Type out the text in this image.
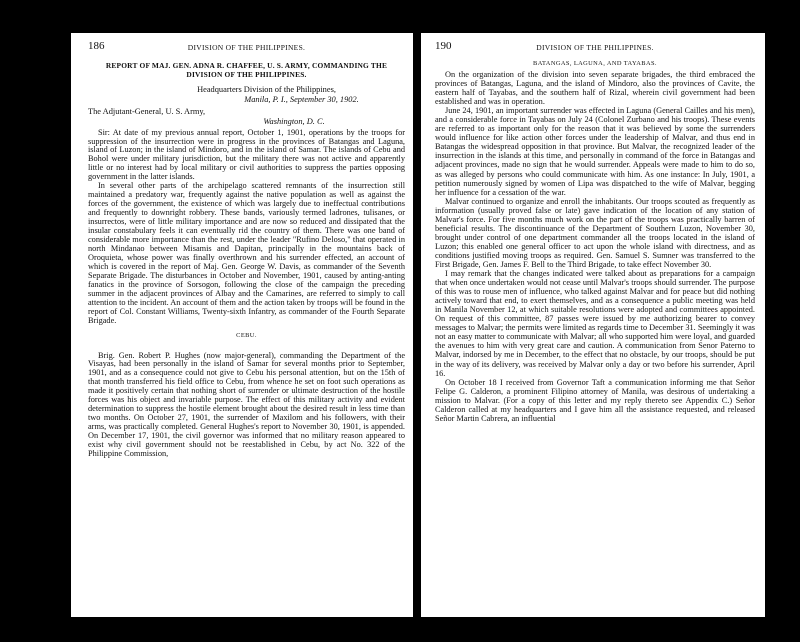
186	DIVISION OF THE PHILIPPINES.
REPORT OF MAJ. GEN. ADNA R. CHAFFEE, U. S. ARMY, COMMANDING THE DIVISION OF THE PHILIPPINES.
Headquarters Division of the Philippines,
Manila, P. I., September 30, 1902.
The Adjutant-General, U. S. Army,
Washington, D. C.

Sir: At date of my previous annual report, October 1, 1901, operations by the troops for suppression of the insurrection were in progress in the provinces of Batangas and Laguna, island of Luzon; in the island of Mindoro, and in the island of Samar. The islands of Cebu and Bohol were under military jurisdiction, but the military there was not active and apparently little or no interest had by local military or civil authorities to suppress the parties opposing government in the latter islands.

In several other parts of the archipelago scattered remnants of the insurrection still maintained a predatory war, frequently against the native population as well as against the forces of the government, the existence of which was largely due to ineffectual contributions and frequently to downright robbery. These bands, variously termed ladrones, tulisanes, or insurrectos, were of little military importance and are now so reduced and dissipated that the insular constabulary feels it can eventually rid the country of them. There was one band of considerable more importance than the rest, under the leader "Rufino Deloso," that operated in north Mindanao between Misamis and Dapitan, principally in the mountains back of Oroquieta, whose power was finally overthrown and his surrender effected, an account of which is covered in the report of Maj. Gen. George W. Davis, as commander of the Seventh Separate Brigade. The disturbances in October and November, 1901, caused by anting-anting fanatics in the province of Sorsogon, following the close of the campaign the preceding summer in the adjacent provinces of Albay and the Camarines, are referred to simply to call attention to the incident. An account of them and the action taken by troops will be found in the report of Col. Constant Williams, Twenty-sixth Infantry, as commander of the Fourth Separate Brigade.

CEBU.

Brig. Gen. Robert P. Hughes (now major-general), commanding the Department of the Visayas, had been personally in the island of Samar for several months prior to September, 1901, and as a consequence could not give to Cebu his personal attention, but on the 15th of that month transferred his field office to Cebu, from whence he set on foot such operations as made it positively certain that nothing short of surrender or ultimate destruction of the hostile forces was his object and invariable purpose. The effect of this military activity and evident determination to suppress the hostile element brought about the desired result in less time than two months. On October 27, 1901, the surrender of Maxilom and his followers, with their arms, was practically completed. General Hughes's report to November 30, 1901, is appended. On December 17, 1901, the civil governor was informed that no military reason appeared to exist why civil government should not be reestablished in Cebu, by act No. 322 of the Philippine Commission,

190	DIVISION OF THE PHILIPPINES.
BATANGAS, LAGUNA, AND TAYABAS.

On the organization of the division into seven separate brigades, the third embraced the provinces of Batangas, Laguna, and the island of Mindoro, also the provinces of Cavite, the eastern half of Tayabas, and the southern half of Rizal, wherein civil government had been established and was in operation.

June 24, 1901, an important surrender was effected in Laguna (General Cailles and his men), and a considerable force in Tayabas on July 24 (Colonel Zurbano and his troops). These events are referred to as important only for the reason that it was believed by some the surrenders would influence for like action other forces under the leadership of Malvar, and thus end in Batangas the widespread opposition in that province. But Malvar, the recognized leader of the insurrection in the islands at this time, and personally in command of the force in Batangas and adjacent provinces, made no sign that he would surrender. Appeals were made to him to do so, as was alleged by persons who could communicate with him. As one instance: In July, 1901, a petition numerously signed by women of Lipa was dispatched to the wife of Malvar, begging her influence for a cessation of the war.

Malvar continued to organize and enroll the inhabitants. Our troops scouted as frequently as information (usually proved false or late) gave indication of the location of any station of Malvar's force. For five months much work on the part of the troops was practically barren of beneficial results. The discontinuance of the Department of Southern Luzon, November 30, brought under control of one department commander all the troops located in the island of Luzon; this enabled one general officer to act upon the whole island with directness, and as conditions justified moving troops as required. Gen. Samuel S. Sumner was transferred to the First Brigade, Gen. James F. Bell to the Third Brigade, to take effect November 30.

I may remark that the changes indicated were talked about as preparations for a campaign that when once undertaken would not cease until Malvar's troops should surrender. The purpose of this was to rouse men of influence, who talked against Malvar and for peace but did nothing actively toward that end, to exert themselves, and as a consequence a public meeting was held in Manila November 12, at which suitable resolutions were adopted and committees appointed. On request of this committee, 87 passes were issued by me authorizing bearer to convey messages to Malvar; the permits were limited as regards time to December 31. Seemingly it was not an easy matter to communicate with Malvar; all who supported him were loyal, and guarded the avenues to him with very great care and caution. A communication from Senor Paterno to Malvar, indorsed by me in December, to the effect that no obstacle, by our troops, should be put in the way of its delivery, was received by Malvar only a day or two before his surrender, April 16.

On October 18 I received from Governor Taft a communication informing me that Señor Felipe G. Calderon, a prominent Filipino attorney of Manila, was desirous of undertaking a mission to Malvar. (For a copy of this letter and my reply thereto see Appendix C.) Señor Calderon called at my headquarters and I gave him all the assistance requested, and released Señor Martin Cabrera, an influential
